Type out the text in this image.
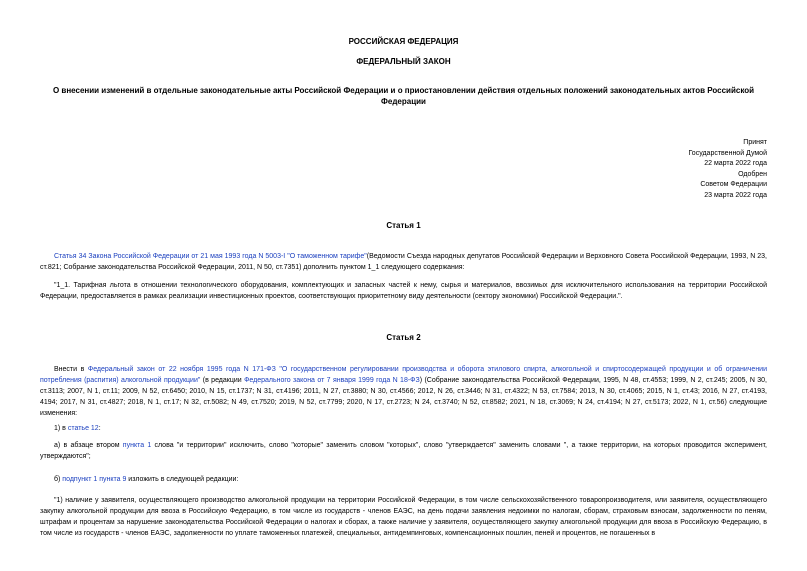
РОССИЙСКАЯ ФЕДЕРАЦИЯ
ФЕДЕРАЛЬНЫЙ ЗАКОН
О внесении изменений в отдельные законодательные акты Российской Федерации и о приостановлении действия отдельных положений законодательных актов Российской Федерации
Принят
Государственной Думой
22 марта 2022 года
Одобрен
Советом Федерации
23 марта 2022 года
Статья 1
Статья 34 Закона Российской Федерации от 21 мая 1993 года N 5003-I "О таможенном тарифе"(Ведомости Съезда народных депутатов Российской Федерации и Верховного Совета Российской Федерации, 1993, N 23, ст.821; Собрание законодательства Российской Федерации, 2011, N 50, ст.7351) дополнить пунктом 1_1 следующего содержания:
"1_1. Тарифная льгота в отношении технологического оборудования, комплектующих и запасных частей к нему, сырья и материалов, ввозимых для исключительного использования на территории Российской Федерации, предоставляется в рамках реализации инвестиционных проектов, соответствующих приоритетному виду деятельности (сектору экономики) Российской Федерации.".
Статья 2
Внести в Федеральный закон от 22 ноября 1995 года N 171-ФЗ "О государственном регулировании производства и оборота этилового спирта, алкогольной и спиртосодержащей продукции и об ограничении потребления (распития) алкогольной продукции" (в редакции Федерального закона от 7 января 1999 года N 18-ФЗ) (Собрание законодательства Российской Федерации, 1995, N 48, ст.4553; 1999, N 2, ст.245; 2005, N 30, ст.3113; 2007, N 1, ст.11; 2009, N 52, ст.6450; 2010, N 15, ст.1737; N 31, ст.4196; 2011, N 27, ст.3880; N 30, ст.4566; 2012, N 26, ст.3446; N 31, ст.4322; N 53, ст.7584; 2013, N 30, ст.4065; 2015, N 1, ст.43; 2016, N 27, ст.4193, 4194; 2017, N 31, ст.4827; 2018, N 1, ст.17; N 32, ст.5082; N 49, ст.7520; 2019, N 52, ст.7799; 2020, N 17, ст.2723; N 24, ст.3740; N 52, ст.8582; 2021, N 18, ст.3069; N 24, ст.4194; N 27, ст.5173; 2022, N 1, ст.56) следующие изменения:
1) в статье 12:
а) в абзаце втором пункта 1 слова "и территории" исключить, слово "которые" заменить словом "которых", слово "утверждается" заменить словами ", а также территории, на которых проводится эксперимент, утверждаются";
б) подпункт 1 пункта 9 изложить в следующей редакции:
"1) наличие у заявителя, осуществляющего производство алкогольной продукции на территории Российской Федерации, в том числе сельскохозяйственного товаропроизводителя, или заявителя, осуществляющего закупку алкогольной продукции для ввоза в Российскую Федерацию, в том числе из государств - членов ЕАЭС, на день подачи заявления недоимки по налогам, сборам, страховым взносам, задолженности по пеням, штрафам и процентам за нарушение законодательства Российской Федерации о налогах и сборах, а также наличие у заявителя, осуществляющего закупку алкогольной продукции для ввоза в Российскую Федерацию, в том числе из государств - членов ЕАЭС, задолженности по уплате таможенных платежей, специальных, антидемпинговых, компенсационных пошлин, пеней и процентов, не погашенных в
